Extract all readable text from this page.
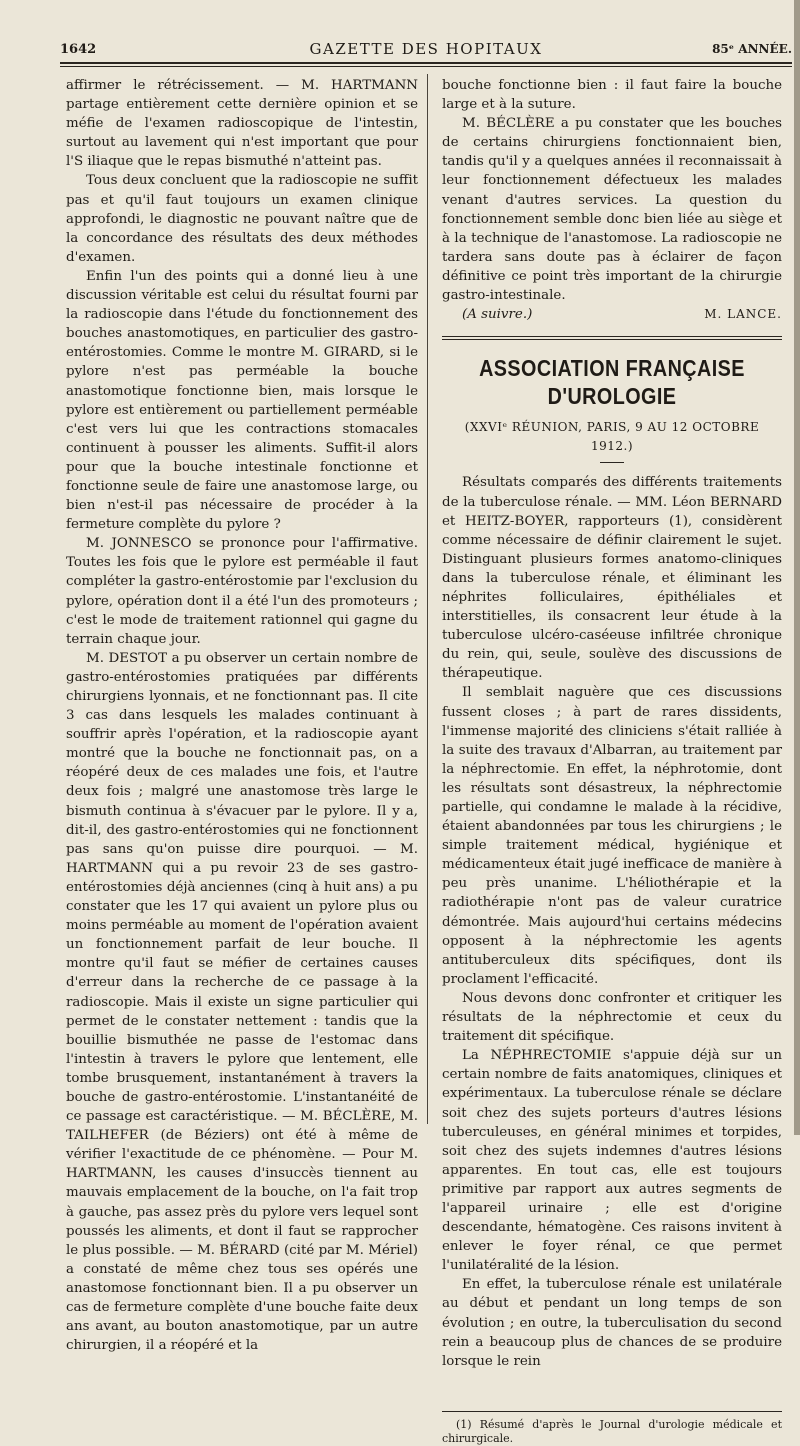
GAZETTE DES HOPITAUX
1642	85ᵉ ANNÉE.

affirmer le rétrécissement. — M. HARTMANN partage entièrement cette dernière opinion et se méfie de l'examen radioscopique de l'intestin, surtout au lavement qui n'est important que pour l'S iliaque que le repas bismuthé n'atteint pas.

Tous deux concluent que la radioscopie ne suffit pas et qu'il faut toujours un examen clinique approfondi, le diagnostic ne pouvant naître que de la concordance des résultats des deux méthodes d'examen.

Enfin l'un des points qui a donné lieu à une discussion véritable est celui du résultat fourni par la radioscopie dans l'étude du fonctionnement des bouches anastomotiques, en particulier des gastro-entérostomies. Comme le montre M. GIRARD, si le pylore n'est pas perméable la bouche anastomotique fonctionne bien, mais lorsque le pylore est entièrement ou partiellement perméable c'est vers lui que les contractions stomacales continuent à pousser les aliments. Suffit-il alors pour que la bouche intestinale fonctionne et fonctionne seule de faire une anastomose large, ou bien n'est-il pas nécessaire de procéder à la fermeture complète du pylore ?

M. JONNESCO se prononce pour l'affirmative. Toutes les fois que le pylore est perméable il faut compléter la gastro-entérostomie par l'exclusion du pylore, opération dont il a été l'un des promoteurs ; c'est le mode de traitement rationnel qui gagne du terrain chaque jour.

M. DESTOT a pu observer un certain nombre de gastro-entérostomies pratiquées par différents chirurgiens lyonnais, et ne fonctionnant pas. Il cite 3 cas dans lesquels les malades continuant à souffrir après l'opération, et la radioscopie ayant montré que la bouche ne fonctionnait pas, on a réopéré deux de ces malades une fois, et l'autre deux fois ; malgré une anastomose très large le bismuth continua à s'évacuer par le pylore. Il y a, dit-il, des gastro-entérostomies qui ne fonctionnent pas sans qu'on puisse dire pourquoi. — M. HARTMANN qui a pu revoir 23 de ses gastro-entérostomies déjà anciennes (cinq à huit ans) a pu constater que les 17 qui avaient un pylore plus ou moins perméable au moment de l'opération avaient un fonctionnement parfait de leur bouche. Il montre qu'il faut se méfier de certaines causes d'erreur dans la recherche de ce passage à la radioscopie. Mais il existe un signe particulier qui permet de le constater nettement : tandis que la bouillie bismuthée ne passe de l'estomac dans l'intestin à travers le pylore que lentement, elle tombe brusquement, instantanément à travers la bouche de gastro-entérostomie. L'instantanéité de ce passage est caractéristique. — M. BÉCLÈRE, M. TAILHEFER (de Béziers) ont été à même de vérifier l'exactitude de ce phénomène. — Pour M. HARTMANN, les causes d'insuccès tiennent au mauvais emplacement de la bouche, on l'a fait trop à gauche, pas assez près du pylore vers lequel sont poussés les aliments, et dont il faut se rapprocher le plus possible. — M. BÉRARD (cité par M. Mériel) a constaté de même chez tous ses opérés une anastomose fonctionnant bien. Il a pu observer un cas de fermeture complète d'une bouche faite deux ans avant, au bouton anastomotique, par un autre chirurgien, il a réopéré et la

bouche fonctionne bien : il faut faire la bouche large et à la suture.

M. BÉCLÈRE a pu constater que les bouches de certains chirurgiens fonctionnaient bien, tandis qu'il y a quelques années il reconnaissait à leur fonctionnement défectueux les malades venant d'autres services. La question du fonctionnement semble donc bien liée au siège et à la technique de l'anastomose. La radioscopie ne tardera sans doute pas à éclairer de façon définitive ce point très important de la chirurgie gastro-intestinale.

(A suivre.)	M. LANCE.
ASSOCIATION FRANÇAISE D'UROLOGIE
(XXVIᵉ RÉUNION, PARIS, 9 AU 12 OCTOBRE 1912.)

Résultats comparés des différents traitements de la tuberculose rénale. — MM. Léon BERNARD et HEITZ-BOYER, rapporteurs (1), considèrent comme nécessaire de définir clairement le sujet. Distinguant plusieurs formes anatomo-cliniques dans la tuberculose rénale, et éliminant les néphrites folliculaires, épithéliales et interstitielles, ils consacrent leur étude à la tuberculose ulcéro-caséeuse infiltrée chronique du rein, qui, seule, soulève des discussions de thérapeutique.

Il semblait naguère que ces discussions fussent closes ; à part de rares dissidents, l'immense majorité des cliniciens s'était ralliée à la suite des travaux d'Albarran, au traitement par la néphrectomie. En effet, la néphrotomie, dont les résultats sont désastreux, la néphrectomie partielle, qui condamne le malade à la récidive, étaient abandonnées par tous les chirurgiens ; le simple traitement médical, hygiénique et médicamenteux était jugé inefficace de manière à peu près unanime. L'héliothérapie et la radiothérapie n'ont pas de valeur curatrice démontrée. Mais aujourd'hui certains médecins opposent à la néphrectomie les agents antituberculeux dits spécifiques, dont ils proclament l'efficacité.

Nous devons donc confronter et critiquer les résultats de la néphrectomie et ceux du traitement dit spécifique.

La NÉPHRECTOMIE s'appuie déjà sur un certain nombre de faits anatomiques, cliniques et expérimentaux. La tuberculose rénale se déclare soit chez des sujets porteurs d'autres lésions tuberculeuses, en général minimes et torpides, soit chez des sujets indemnes d'autres lésions apparentes. En tout cas, elle est toujours primitive par rapport aux autres segments de l'appareil urinaire ; elle est d'origine descendante, hématogène. Ces raisons invitent à enlever le foyer rénal, ce que permet l'unilatéralité de la lésion.

En effet, la tuberculose rénale est unilatérale au début et pendant un long temps de son évolution ; en outre, la tuberculisation du second rein a beaucoup plus de chances de se produire lorsque le rein

(1) Résumé d'après le Journal d'urologie médicale et chirurgicale.
